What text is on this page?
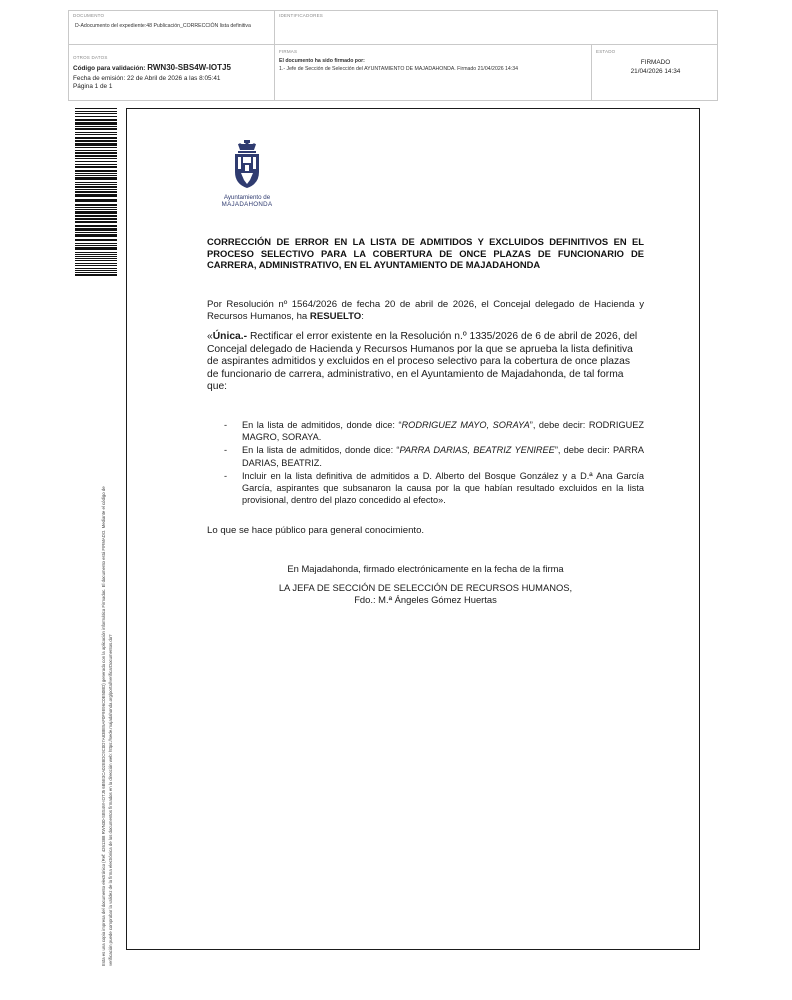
DOCUMENTO
D-Adocumento del expediente:48 Publicación_CORRECCIÓN lista definitiva
IDENTIFICADORES
OTROS DATOS
Código para validación: RWN30-SBS4W-IOTJ5
Fecha de emisión: 22 de Abril de 2026 a las 8:05:41
Página 1 de 1
FIRMAS
El documento ha sido firmado por:
1.- Jefe de Sección de Selección del AYUNTAMIENTO DE MAJADAHONDA. Firmado 21/04/2026 14:34
ESTADO
FIRMADO
21/04/2026 14:34
Esta es una copia impresa del documento electrónico (Ref: 4261388 RWN30-SBS4W-IOTJ5 6B5E3CA02E8DC9C0D7A83BE5AF0F9E96C0E50BD) generada con la aplicación informática Firmadoc. El documento está FIRMADO. Mediante el código de verificación puede comprobar la validez de la firma electrónica de los documentos firmados en la dirección web: https://sede.majadahonda.org/portal/verificarDocumentos.do?
Ayuntamiento de
MAJADAHONDA
CORRECCIÓN DE ERROR EN LA LISTA DE ADMITIDOS Y EXCLUIDOS DEFINITIVOS EN EL PROCESO SELECTIVO PARA LA COBERTURA DE ONCE PLAZAS DE FUNCIONARIO DE CARRERA, ADMINISTRATIVO, EN EL AYUNTAMIENTO DE MAJADAHONDA
Por Resolución nº 1564/2026 de fecha 20 de abril de 2026, el Concejal delegado de Hacienda y Recursos Humanos, ha RESUELTO:
«Única.- Rectificar el error existente en la Resolución n.º 1335/2026 de 6 de abril de 2026, del Concejal delegado de Hacienda y Recursos Humanos por la que se aprueba la lista definitiva de aspirantes admitidos y excluidos en el proceso selectivo para la cobertura de once plazas de funcionario de carrera, administrativo, en el Ayuntamiento de Majadahonda, de tal forma que:
- En la lista de admitidos, donde dice: “RODRIGUEZ MAYO, SORAYA”, debe decir: RODRIGUEZ MAGRO, SORAYA.
- En la lista de admitidos, donde dice: “PARRA DARIAS, BEATRIZ YENIREE”, debe decir: PARRA DARIAS, BEATRIZ.
- Incluir en la lista definitiva de admitidos a D. Alberto del Bosque González y a D.ª Ana García García, aspirantes que subsanaron la causa por la que habían resultado excluidos en la lista provisional, dentro del plazo concedido al efecto».
Lo que se hace público para general conocimiento.
En Majadahonda, firmado electrónicamente en la fecha de la firma
LA JEFA DE SECCIÓN DE SELECCIÓN DE RECURSOS HUMANOS,
Fdo.: M.ª Ángeles Gómez Huertas
